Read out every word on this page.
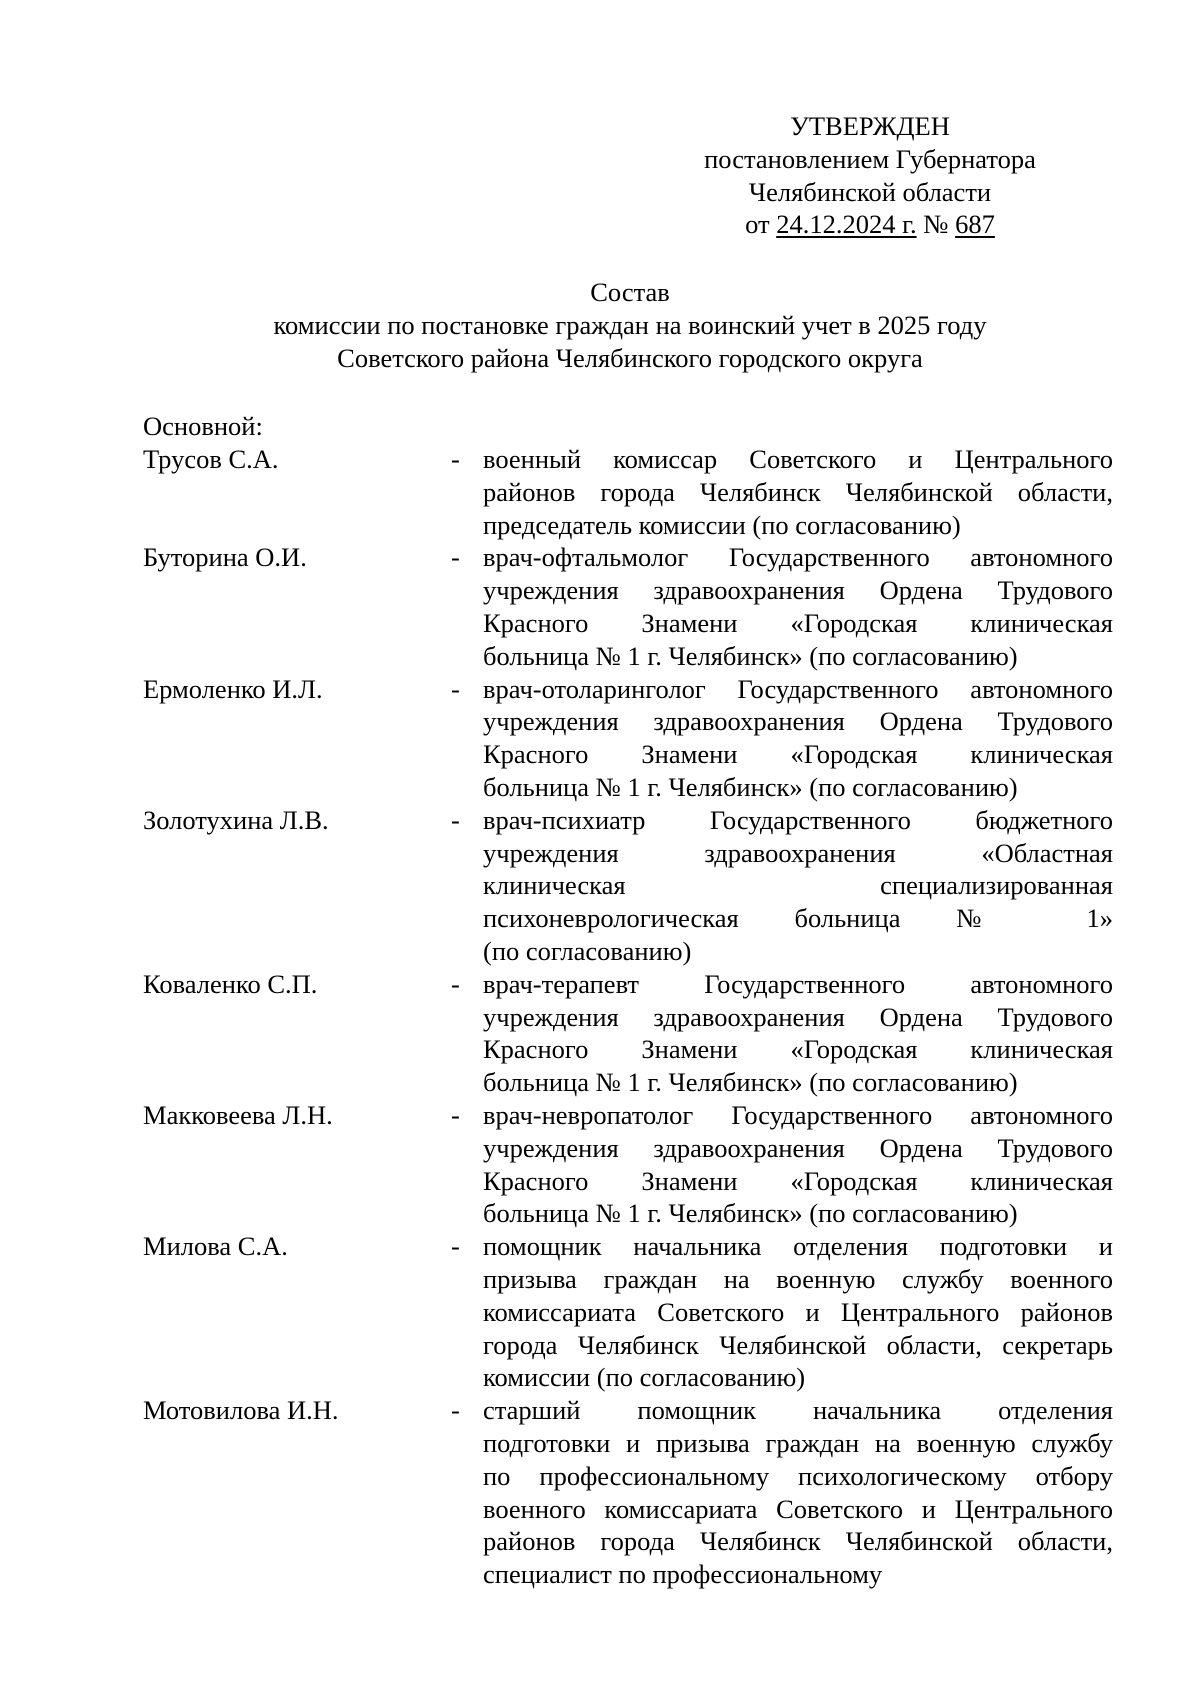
УТВЕРЖДЕН
постановлением Губернатора
Челябинской области
от 24.12.2024 г. № 687
Состав
комиссии по постановке граждан на воинский учет в 2025 году
Советского района Челябинского городского округа
Основной:
Трусов С.А.	- военный комиссар Советского и Центрального
районов города Челябинск Челябинской области,
председатель комиссии (по согласованию)
Буторина О.И.	- врач-офтальмолог Государственного автономного
учреждения здравоохранения Ордена Трудового
Красного Знамени «Городская клиническая
больница № 1 г. Челябинск» (по согласованию)
Ермоленко И.Л.	- врач-отоларинголог Государственного автономного
учреждения здравоохранения Ордена Трудового
Красного Знамени «Городская клиническая
больница № 1 г. Челябинск» (по согласованию)
Золотухина Л.В.	- врач-психиатр Государственного бюджетного
учреждения здравоохранения «Областная
клиническая специализированная
психоневрологическая больница № 1»
(по согласованию)
Коваленко С.П.	- врач-терапевт Государственного автономного
учреждения здравоохранения Ордена Трудового
Красного Знамени «Городская клиническая
больница № 1 г. Челябинск» (по согласованию)
Макковеева Л.Н.	- врач-невропатолог Государственного автономного
учреждения здравоохранения Ордена Трудового
Красного Знамени «Городская клиническая
больница № 1 г. Челябинск» (по согласованию)
Милова С.А.	- помощник начальника отделения подготовки и
призыва граждан на военную службу военного
комиссариата Советского и Центрального районов
города Челябинск Челябинской области, секретарь
комиссии (по согласованию)
Мотовилова И.Н.	- старший помощник начальника отделения
подготовки и призыва граждан на военную службу
по профессиональному психологическому отбору
военного комиссариата Советского и Центрального
районов города Челябинск Челябинской области,
специалист по профессиональному
